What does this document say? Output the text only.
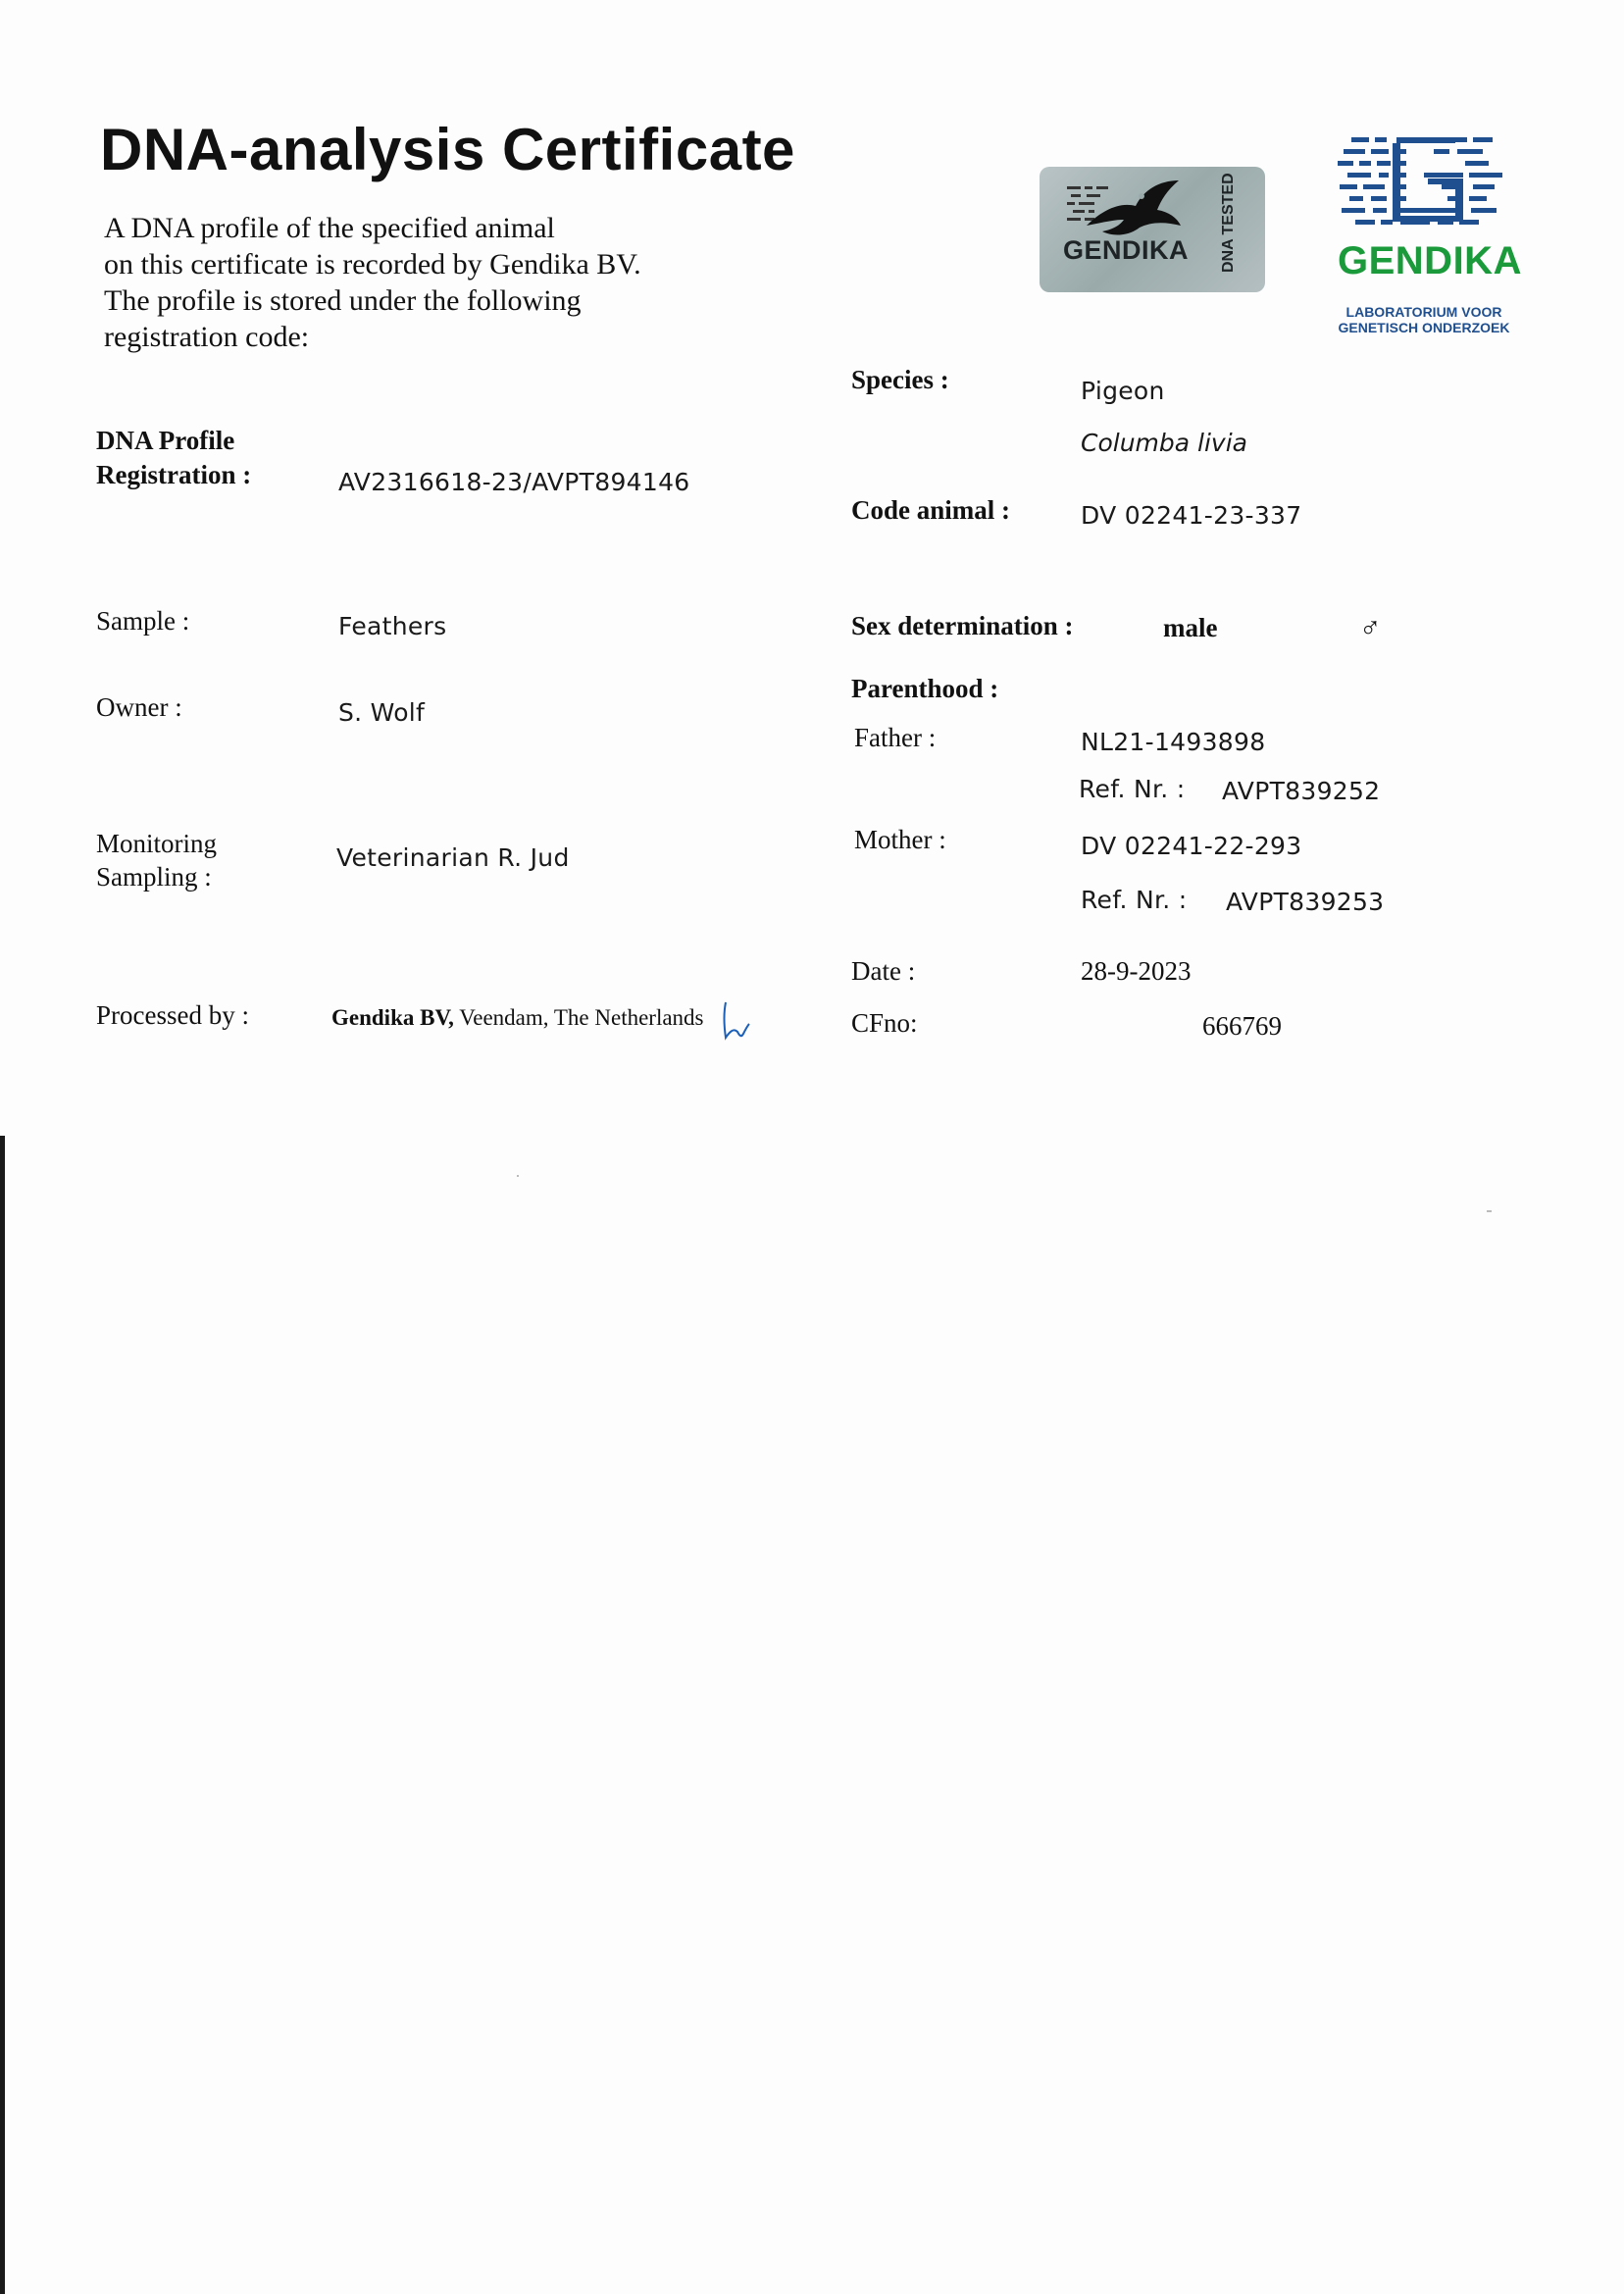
DNA-analysis Certificate
A DNA profile of the specified animal
on this certificate is recorded by Gendika BV.
The profile is stored under the following
registration code:
GENDIKA DNA TESTED	GENDIKA
LABORATORIUM VOOR
GENETISCH ONDERZOEK
DNA Profile
Registration :	AV2316618-23/AVPT894146
Sample :	Feathers
Owner :	S. Wolf
Monitoring
Sampling :
Veterinarian R. Jud
Processed by :	Gendika BV, Veendam, The Netherlands
Species :	Pigeon
Columba livia
Code animal :	DV 02241-23-337
Sex determination :	male	♂
Parenthood :
Father :	NL21-1493898
Ref. Nr. : AVPT839252
Mother :	DV 02241-22-293
Ref. Nr. : AVPT839253
Date :	28-9-2023
CFno:	666769
